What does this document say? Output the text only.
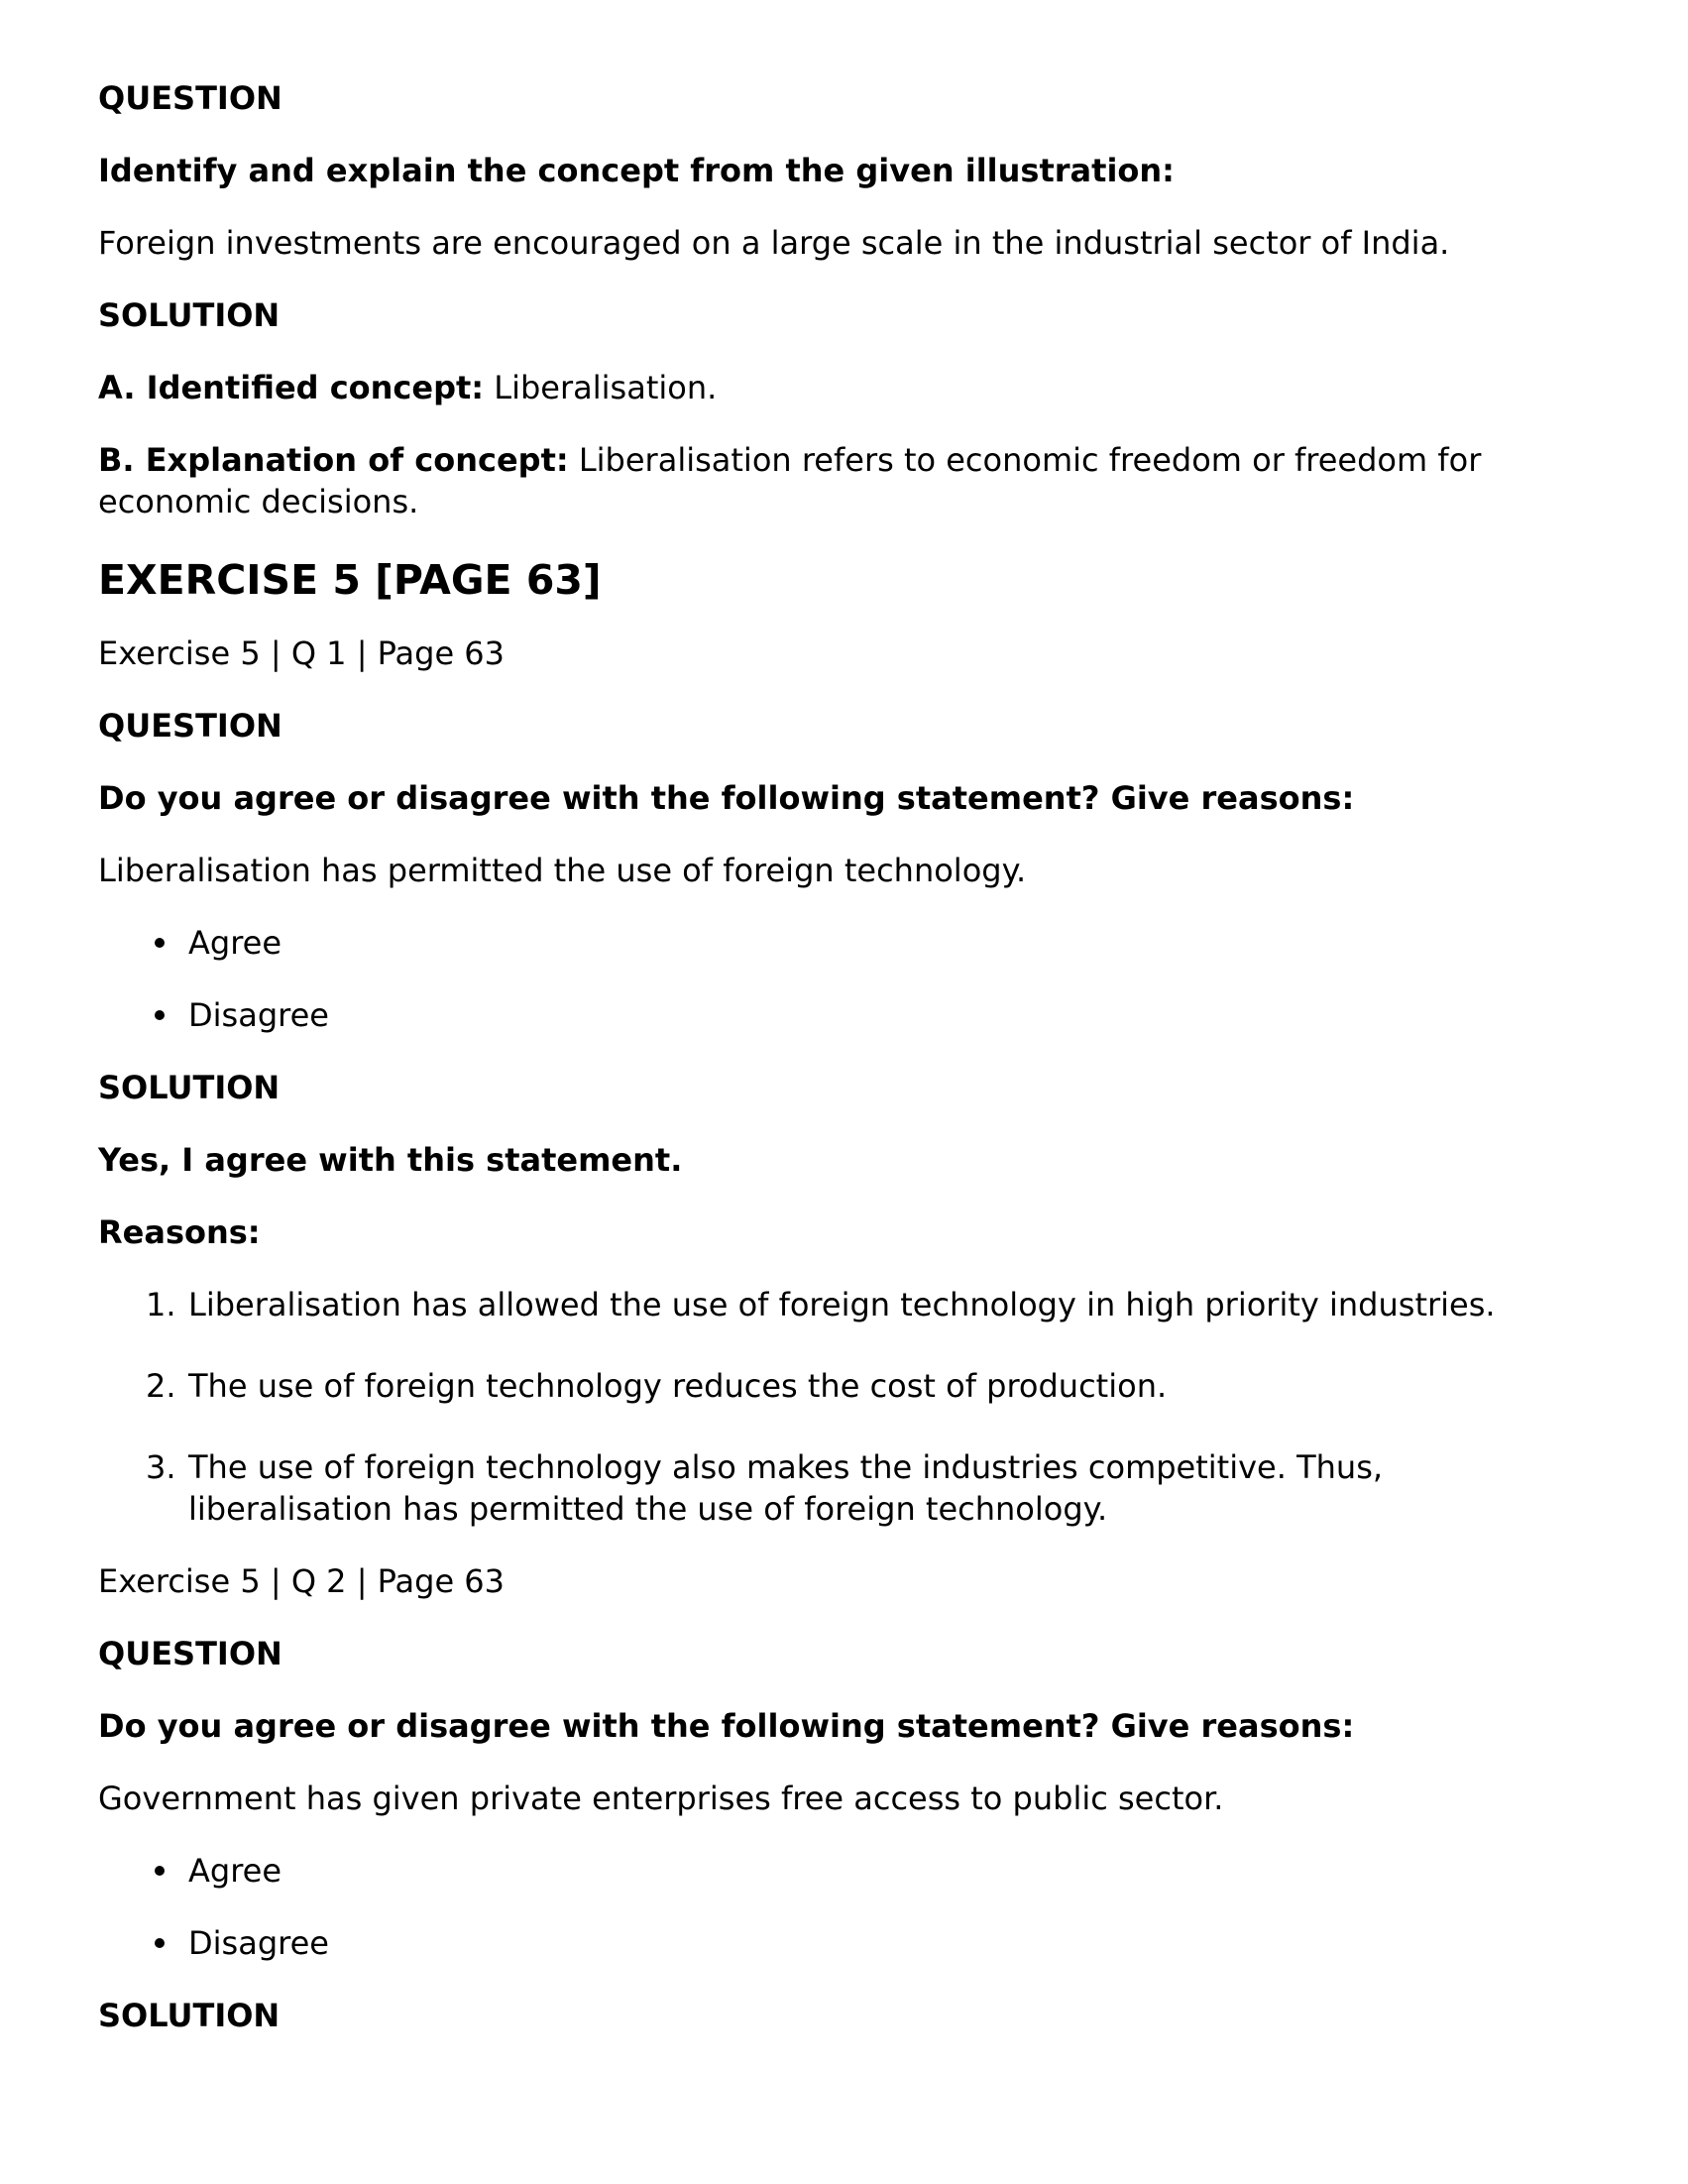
QUESTION
Identify and explain the concept from the given illustration:
Foreign investments are encouraged on a large scale in the industrial sector of India.
SOLUTION
A. Identified concept: Liberalisation.
B. Explanation of concept: Liberalisation refers to economic freedom or freedom for economic decisions.
EXERCISE 5 [PAGE 63]
Exercise 5 | Q 1 | Page 63
QUESTION
Do you agree or disagree with the following statement? Give reasons:
Liberalisation has permitted the use of foreign technology.
Agree
Disagree
SOLUTION
Yes, I agree with this statement.
Reasons:
1. Liberalisation has allowed the use of foreign technology in high priority industries.
2. The use of foreign technology reduces the cost of production.
3. The use of foreign technology also makes the industries competitive. Thus, liberalisation has permitted the use of foreign technology.
Exercise 5 | Q 2 | Page 63
QUESTION
Do you agree or disagree with the following statement? Give reasons:
Government has given private enterprises free access to public sector.
Agree
Disagree
SOLUTION
